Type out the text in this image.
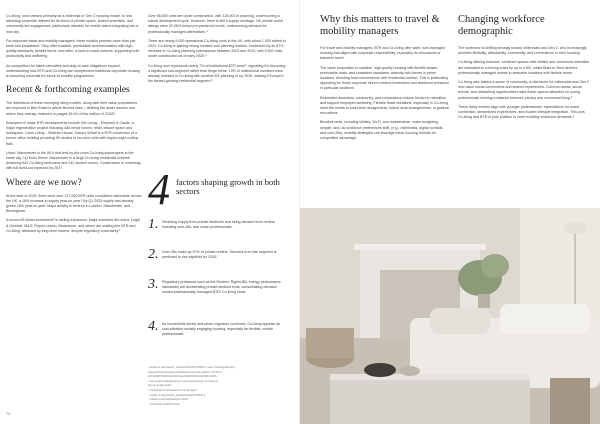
Co-living, once viewed primarily as a millennial or Gen Z housing model, is now attracting corporate interest for its blend of private space, shared amenities, and community-led engagement: particularly valuable for mobile talent integrating into a new city.

For corporate travel and mobility managers, these models promise more than just beds and broadband. They offer scalable, predictable accommodation with high-quality standards, flexible terms, and often, a built-in social network, supporting both productivity and wellbeing.

As competition for talent intensifies and duty-of-care obligations expand, understanding how BTR and Co-living can complement traditional corporate housing is becoming essential for future-fit mobility programmes.

Recent & forthcoming examples

The definitions of these emerging living models, along with their value propositions, are explored in Ben Rosen's article Blurred lines – defining the asset classes and where they overlap, featured on pages 46-49 of this edition of CSAR.

Examples of major BTR developments include Get Living – Elephant & Castle, a major regeneration project including 486 rental homes, retail, leisure space and workspace. Lotus Living – Belerive House, Canary Wharf is a BTR conversion of a former office building providing 59 studios to two-bed units with duplex-style rooftop flats.

Union, Manchester is the UK's first tent-by-the-room Co-living skyscrapers in the same city, 1Q Echo Street, Manchester is a large Co-living residential scheme delivering 642 Co-living bedrooms and 242 student rooms. Construction is underway, with full build-out expected by 2027.

Where are we now?

At the start of 2025, there were over 127,000 BTR units completed nationwide across the UK, a 16% increase in supply year-on-year.¹ By Q1 2025 supply had already grown 16% year-on-year. Major activity is centred in London, Manchester, and Birmingham.

A record £6 billion investment² is fueling expansion. Major investors like Aviva, Legal & General, M&G, Royal London, Blackstone, and others are scaling into BTR and Co-living, attracted by long-term returns, despite regulatory uncertainty.³

Over 98,500 units are under construction, with 128,000 in planning, underscoring a robust development cycle. However, there is still a supply shortage. UK private rental listings were 20-26% below pre-pandemic levels, underscoring demand for professionally managed alternatives.³

There are nearly 9,000 operational Co-living units in the UK, with about 1,000 added in 2024. Co-living is gaining strong investor and planning traction, evidenced by an 87% increase in Co-living planning submissions between 2023 and 2024, with 5,500 units under construction as of early 2025.⁴

Co-living now represents nearly 7% of institutional BTR stock⁵, signalling it's becoming a significant sub-segment rather than fringe niche. 19% of institutional investors have already invested in Co-living with another 6% planning to by 2028, making it Europe's the fastest-growing residential segment.⁶

4 factors shaping growth in both sectors
1. Shrinking supply from private landlords and rising demand from renters including over-35s, and urban professionals.
2. Over-35s make up 57% of private renters. Demand from this segment is predicted to rise eightfold by 2030.⁷
3. Regulatory pressures such as the Renters' Rights Bill, energy performance standards) are accelerating private landlord exits, consolidating demand toward professionally managed BTR/ Co-living stock.
4. As households shrink and urban migration continues, Co-living appeals as cost-effective socially engaging housing, especially for flexible, mobile professionals.
¹ savills.co.uk/research_articles/229130/372899-0 ² www.TheTelegraph.ie/p...
thenandprofessional/news/buildtorent/ww-fully-2025-to-7474474...
s8=%20BTR%20Units%20report%20%20the%20Q1%2025...
³ www.propertydesignwards.co.uk/news/strategic-investing-in-...
the-uk-rental-market
⁴ knightfrank.com/research/co-living-report
⁵ savills.co.uk/research_articles/229130/372846-0
⁶ coliving.com/insights/report-2024
⁷ rentmarket.uk/2030-8-fold
74
Why this matters to travel & mobility managers

For travel and mobility managers, BTR and Co-living offer safer, well-managed housing that aligns with corporate responsibility, especially for relocations or transient travel.

The value proposition is scalable, high-quality housing with flexible leases, predictable costs, and consistent standards; amenity-rich homes in prime locations, blending hotel convenience with residential comfort. This is particularly appealing for those corporate hires to extend investment and workforce presence in particular locations.

Embedded amenities, community, and convenience reduce friction in relocation and support employee wellbeing. Flexible lease durations, especially in Co-living, meet the needs of short-term assignments, hybrid work arrangements, or gradual relocations.

Bundled rents, including utilities, Wi-Fi, and maintenance, make budgeting simpler, and, as workforce preferences shift, (e.g., millennials, digital nomads, and over-35s), mobility strategies can leverage these housing formats for competitive advantage.

Changing workforce demographic

The workforce is shifting strongly toward millennials and Gen Z, who increasingly prioritise flexibility, affordability, community, and convenience in their housing.

Co-living offering inclusive, furnished spaces with utilities and communal amenities are estimated to cut living costs by up to a 8%, whilst Build-to-Rent delivers professionally managed homes in desirable locations with flexible terms.

Co-living also fosters a sense of community, a vital factor for millennials and Gen Z who value social connections and shared experiences. Common areas, social events, and networking opportunities make these spaces attractive for young professionals seeking a balance between privacy and communal living.⁸

These living models align with younger professionals' expectations for social connection, streamlined experiences, and modern lifestyle integration. This puts Co-living and BTR in pole position to meet evolving workforce demands.⁸
